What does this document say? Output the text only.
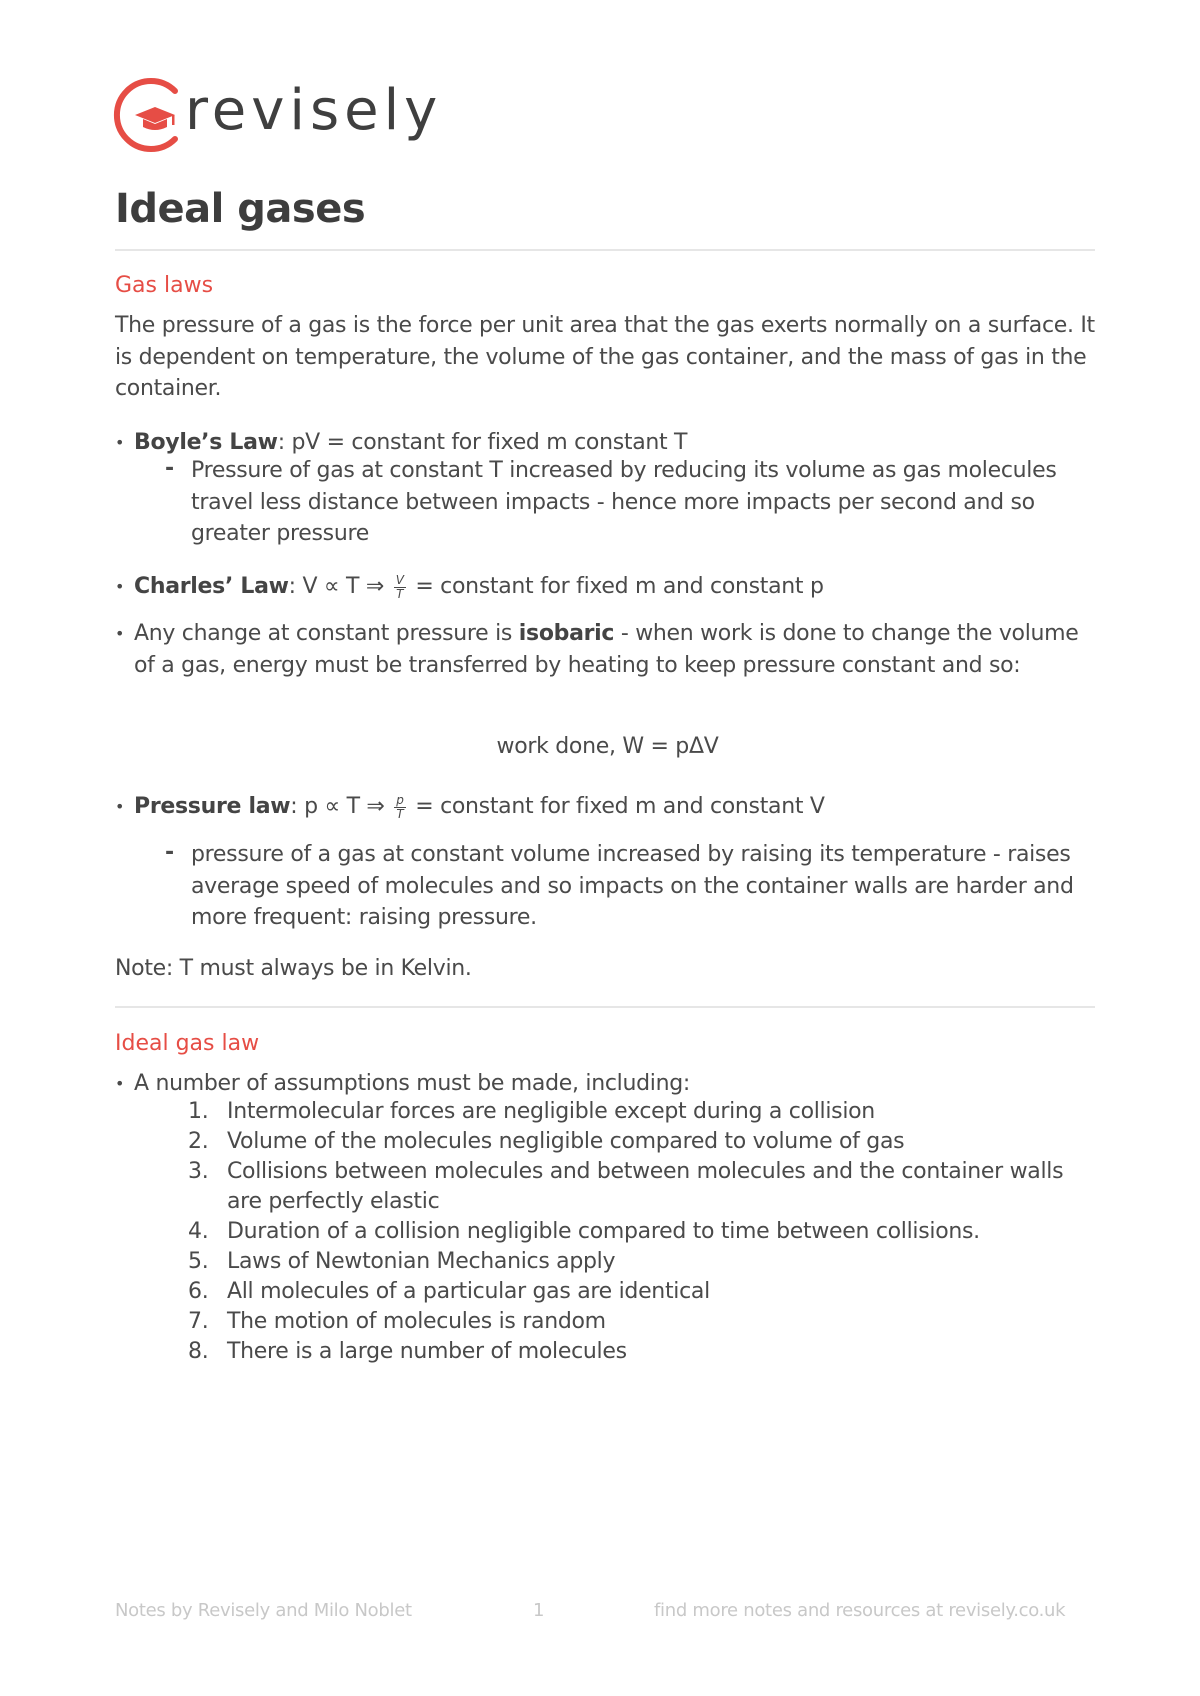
revisely
Ideal gases
Gas laws

The pressure of a gas is the force per unit area that the gas exerts normally on a surface. It is dependent on temperature, the volume of the gas container, and the mass of gas in the container.

• Boyle’s Law: pV = constant for fixed m constant T
- Pressure of gas at constant T increased by reducing its volume as gas molecules travel less distance between impacts - hence more impacts per second and so greater pressure
• Charles’ Law: V ∝ T ⇒ $\frac{V}{T}$ = constant for fixed m and constant p
• Any change at constant pressure is isobaric - when work is done to change the volume of a gas, energy must be transferred by heating to keep pressure constant and so:
work done, W = pΔV
• Pressure law: p ∝ T ⇒ $\frac{p}{T}$ = constant for fixed m and constant V
- pressure of a gas at constant volume increased by raising its temperature - raises average speed of molecules and so impacts on the container walls are harder and more frequent: raising pressure.

Note: T must always be in Kelvin.

Ideal gas law
• A number of assumptions must be made, including:
1. Intermolecular forces are negligible except during a collision
2. Volume of the molecules negligible compared to volume of gas
3. Collisions between molecules and between molecules and the container walls are perfectly elastic
4. Duration of a collision negligible compared to time between collisions.
5. Laws of Newtonian Mechanics apply
6. All molecules of a particular gas are identical
7. The motion of molecules is random
8. There is a large number of molecules
Notes by Revisely and Milo Noblet	1	find more notes and resources at revisely.co.uk
